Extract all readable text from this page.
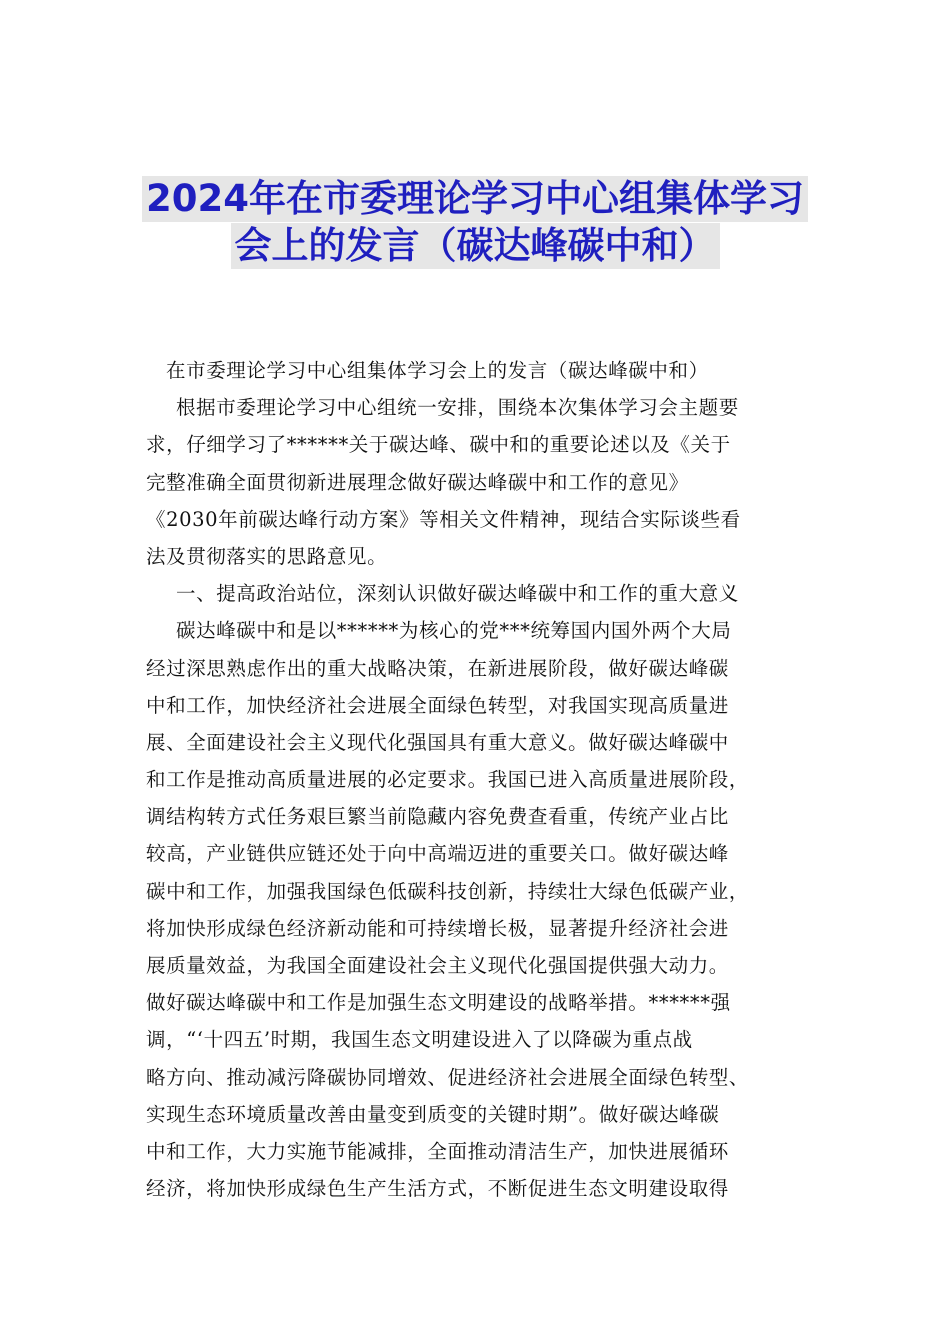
2024年在市委理论学习中心组集体学习
会上的发言（碳达峰碳中和）
在市委理论学习中心组集体学习会上的发言（碳达峰碳中和）
根据市委理论学习中心组统一安排，围绕本次集体学习会主题要
求，仔细学习了******关于碳达峰、碳中和的重要论述以及《关于
完整准确全面贯彻新进展理念做好碳达峰碳中和工作的意见》
《2030年前碳达峰行动方案》等相关文件精神，现结合实际谈些看
法及贯彻落实的思路意见。
一、提高政治站位，深刻认识做好碳达峰碳中和工作的重大意义
碳达峰碳中和是以******为核心的党***统筹国内国外两个大局
经过深思熟虑作出的重大战略决策，在新进展阶段，做好碳达峰碳
中和工作，加快经济社会进展全面绿色转型，对我国实现高质量进
展、全面建设社会主义现代化强国具有重大意义。做好碳达峰碳中
和工作是推动高质量进展的必定要求。我国已进入高质量进展阶段，
调结构转方式任务艰巨繁当前隐藏内容免费查看重，传统产业占比
较高，产业链供应链还处于向中高端迈进的重要关口。做好碳达峰
碳中和工作，加强我国绿色低碳科技创新，持续壮大绿色低碳产业，
将加快形成绿色经济新动能和可持续增长极，显著提升经济社会进
展质量效益，为我国全面建设社会主义现代化强国提供强大动力。
做好碳达峰碳中和工作是加强生态文明建设的战略举措。******强
调，“‘十四五’时期，我国生态文明建设进入了以降碳为重点战
略方向、推动减污降碳协同增效、促进经济社会进展全面绿色转型、
实现生态环境质量改善由量变到质变的关键时期”。做好碳达峰碳
中和工作，大力实施节能减排，全面推动清洁生产，加快进展循环
经济，将加快形成绿色生产生活方式，不断促进生态文明建设取得
